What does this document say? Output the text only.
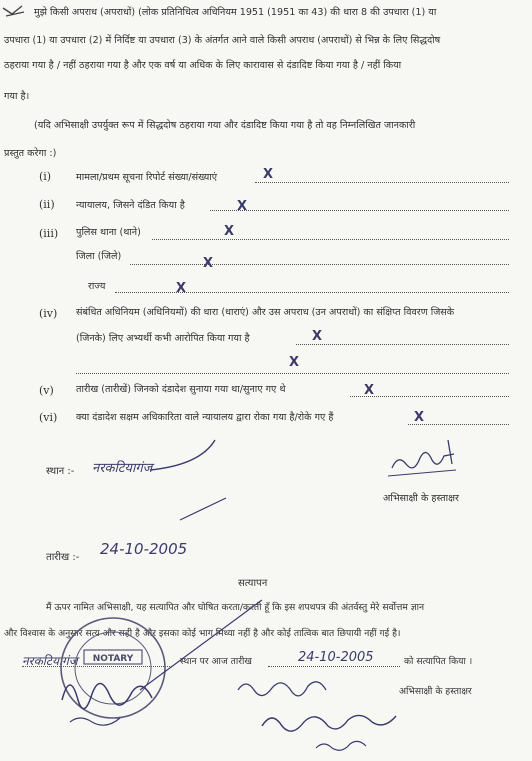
मुझे किसी अपराध (अपराधों) (लोक प्रतिनिधित्व अधिनियम 1951 (1951 का 43) की धारा 8 की उपधारा (1) या
उपधारा (1) या उपधारा (2) में निर्दिष्ट या उपधारा (3) के अंतर्गत आने वाले किसी अपराध (अपराधों) से भिन्न के लिए सिद्धदोष
ठहराया गया है / नहीं ठहराया गया है और एक वर्ष या अधिक के लिए कारावास से दंडादिष्ट किया गया है / नहीं किया
गया है।
(यदि अभिसाक्षी उपर्युक्त रूप में सिद्धदोष ठहराया गया और दंडादिष्ट किया गया है तो वह निम्नलिखित जानकारी
प्रस्तुत करेगा :)
(i)	मामला/प्रथम सूचना रिपोर्ट संख्या/संख्याएं	X
(ii) न्यायालय, जिसने दंडित किया है	X
(iii) पुलिस थाना (थाने)	X
जिला (जिले)	X
राज्य	X
(iv) संबंधित अधिनियम (अधिनियमों) की धारा (धाराएं) और उस अपराध (उन अपराधों) का संक्षिप्त विवरण जिसके
(जिनके) लिए अभ्यर्थी कभी आरोपित किया गया है	X
X
(v) तारीख (तारीखें) जिनको दंडादेश सुनाया गया था/सुनाए गए थे	X
(vi) क्या दंडादेश सक्षम अधिकारिता वाले न्यायालय द्वारा रोका गया है/रोके गए हैं	X
स्थान :- नरकटियागंज
अभिसाक्षी के हस्ताक्षर
तारीख :- 24-10-2005
सत्यापन
मैं ऊपर नामित अभिसाक्षी, यह सत्यापित और घोषित करता/करती हूँ कि इस शपथपत्र की अंतर्वस्तु मेरे सर्वोत्तम ज्ञान
और विश्वास के अनुसार सत्य और सही है और इसका कोई भाग मिथ्या नहीं है और कोई तात्विक बात छिपायी नहीं गई है।
नरकटियागंज	स्थान पर आज तारीख	24-10-2005	को सत्यापित किया ।
अभिसाक्षी के हस्ताक्षर
NOTARY
